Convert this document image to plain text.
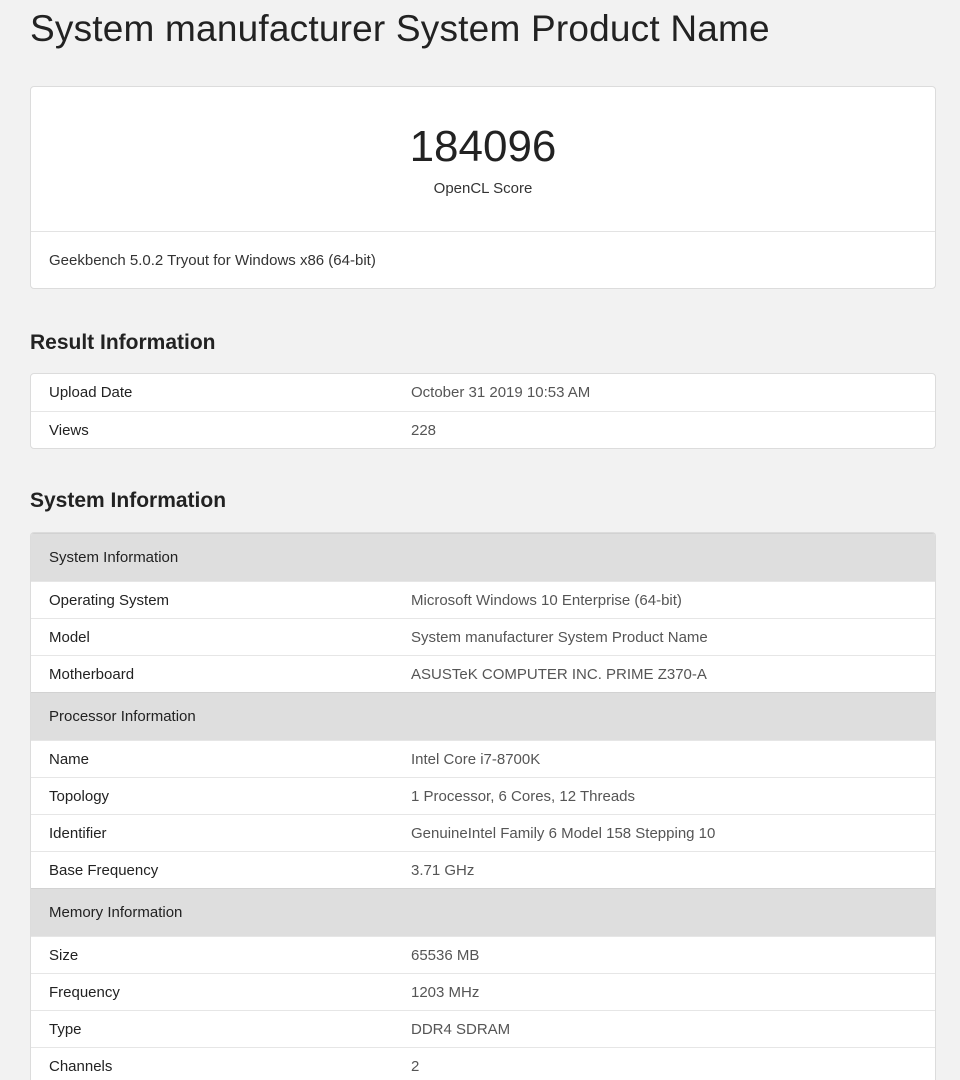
System manufacturer System Product Name
184096
OpenCL Score
Geekbench 5.0.2 Tryout for Windows x86 (64-bit)
Result Information
Upload Date	October 31 2019 10:53 AM
Views	228
System Information
System Information
Operating System	Microsoft Windows 10 Enterprise (64-bit)
Model	System manufacturer System Product Name
Motherboard	ASUSTeK COMPUTER INC. PRIME Z370-A
Processor Information
Name	Intel Core i7-8700K
Topology	1 Processor, 6 Cores, 12 Threads
Identifier	GenuineIntel Family 6 Model 158 Stepping 10
Base Frequency	3.71 GHz
Memory Information
Size	65536 MB
Frequency	1203 MHz
Type	DDR4 SDRAM
Channels	2
